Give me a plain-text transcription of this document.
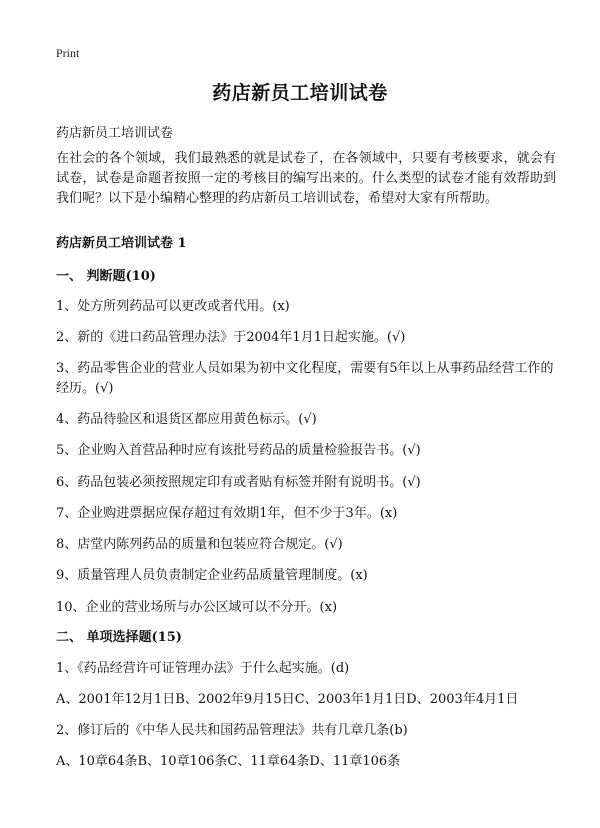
Print
药店新员工培训试卷
药店新员工培训试卷
在社会的各个领域，我们最熟悉的就是试卷了，在各领域中，只要有考核要求，就会有试卷，试卷是命题者按照一定的考核目的编写出来的。什么类型的试卷才能有效帮助到我们呢？以下是小编精心整理的药店新员工培训试卷，希望对大家有所帮助。
药店新员工培训试卷 1
一、 判断题(10)
1、处方所列药品可以更改或者代用。(x)
2、新的《进口药品管理办法》于2004年1月1日起实施。(√)
3、药品零售企业的营业人员如果为初中文化程度，需要有5年以上从事药品经营工作的经历。(√)
4、药品待验区和退货区都应用黄色标示。(√)
5、企业购入首营品种时应有该批号药品的质量检验报告书。(√)
6、药品包装必须按照规定印有或者贴有标签并附有说明书。(√)
7、企业购进票据应保存超过有效期1年，但不少于3年。(x)
8、店堂内陈列药品的质量和包装应符合规定。(√)
9、质量管理人员负责制定企业药品质量管理制度。(x)
10、企业的营业场所与办公区域可以不分开。(x)
二、 单项选择题(15)
1、《药品经营许可证管理办法》于什么起实施。(d)
A、2001年12月1日B、2002年9月15日C、2003年1月1日D、2003年4月1日
2、修订后的《中华人民共和国药品管理法》共有几章几条(b)
A、10章64条B、10章106条C、11章64条D、11章106条
